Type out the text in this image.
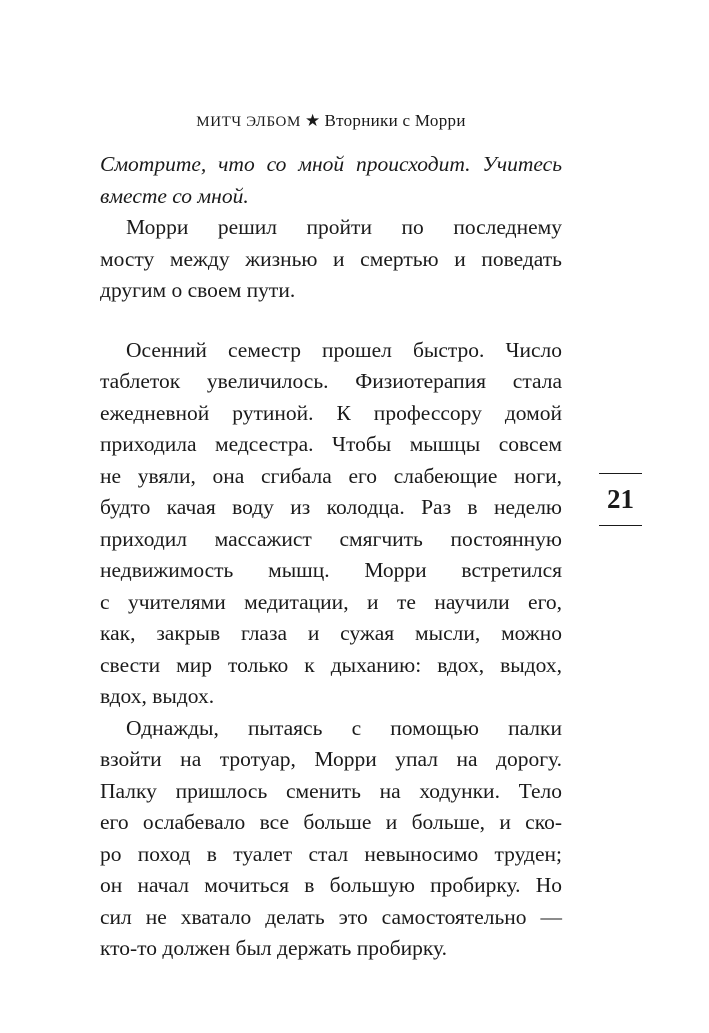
МИТЧ ЭЛБОМ ★ Вторники с Морри
Смотрите, что со мной происходит. Учитесь
вместе со мной.
Морри решил пройти по последнему
мосту между жизнью и смертью и поведать
другим о своем пути.
Осенний семестр прошел быстро. Число
таблеток увеличилось. Физиотерапия стала
ежедневной рутиной. К профессору домой
приходила медсестра. Чтобы мышцы совсем
не увяли, она сгибала его слабеющие ноги,
будто качая воду из колодца. Раз в неделю
приходил массажист смягчить постоянную
недвижимость мышц. Морри встретился
с учителями медитации, и те научили его,
как, закрыв глаза и сужая мысли, можно
свести мир только к дыханию: вдох, выдох,
вдох, выдох.
Однажды, пытаясь с помощью палки
взойти на тротуар, Морри упал на дорогу.
Палку пришлось сменить на ходунки. Тело
его ослабевало все больше и больше, и ско-
ро поход в туалет стал невыносимо труден;
он начал мочиться в большую пробирку. Но
сил не хватало делать это самостоятельно —
кто-то должен был держать пробирку.
21
